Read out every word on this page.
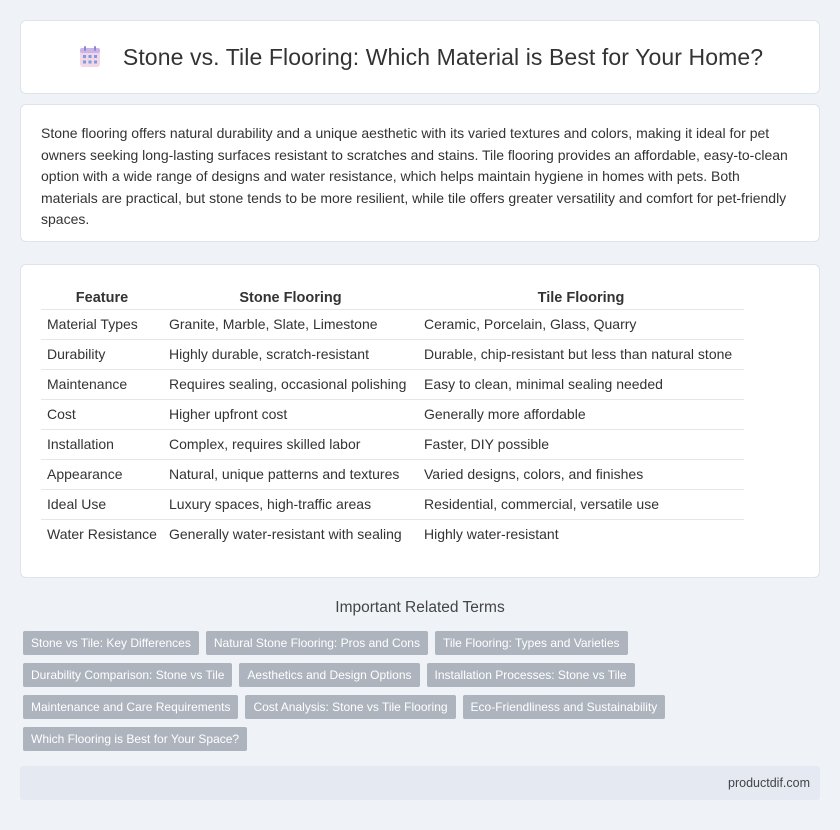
Stone vs. Tile Flooring: Which Material is Best for Your Home?

Stone flooring offers natural durability and a unique aesthetic with its varied textures and colors, making it ideal for pet owners seeking long-lasting surfaces resistant to scratches and stains. Tile flooring provides an affordable, easy-to-clean option with a wide range of designs and water resistance, which helps maintain hygiene in homes with pets. Both materials are practical, but stone tends to be more resilient, while tile offers greater versatility and comfort for pet-friendly spaces.

Feature	Stone Flooring	Tile Flooring
Material Types	Granite, Marble, Slate, Limestone	Ceramic, Porcelain, Glass, Quarry
Durability	Highly durable, scratch-resistant	Durable, chip-resistant but less than natural stone
Maintenance	Requires sealing, occasional polishing	Easy to clean, minimal sealing needed
Cost	Higher upfront cost	Generally more affordable
Installation	Complex, requires skilled labor	Faster, DIY possible
Appearance	Natural, unique patterns and textures	Varied designs, colors, and finishes
Ideal Use	Luxury spaces, high-traffic areas	Residential, commercial, versatile use
Water Resistance	Generally water-resistant with sealing	Highly water-resistant
Important Related Terms
Stone vs Tile: Key Differences Natural Stone Flooring: Pros and Cons Tile Flooring: Types and Varieties
Durability Comparison: Stone vs Tile Aesthetics and Design Options Installation Processes: Stone vs Tile
Maintenance and Care Requirements Cost Analysis: Stone vs Tile Flooring Eco-Friendliness and Sustainability
Which Flooring is Best for Your Space?
productdif.com
